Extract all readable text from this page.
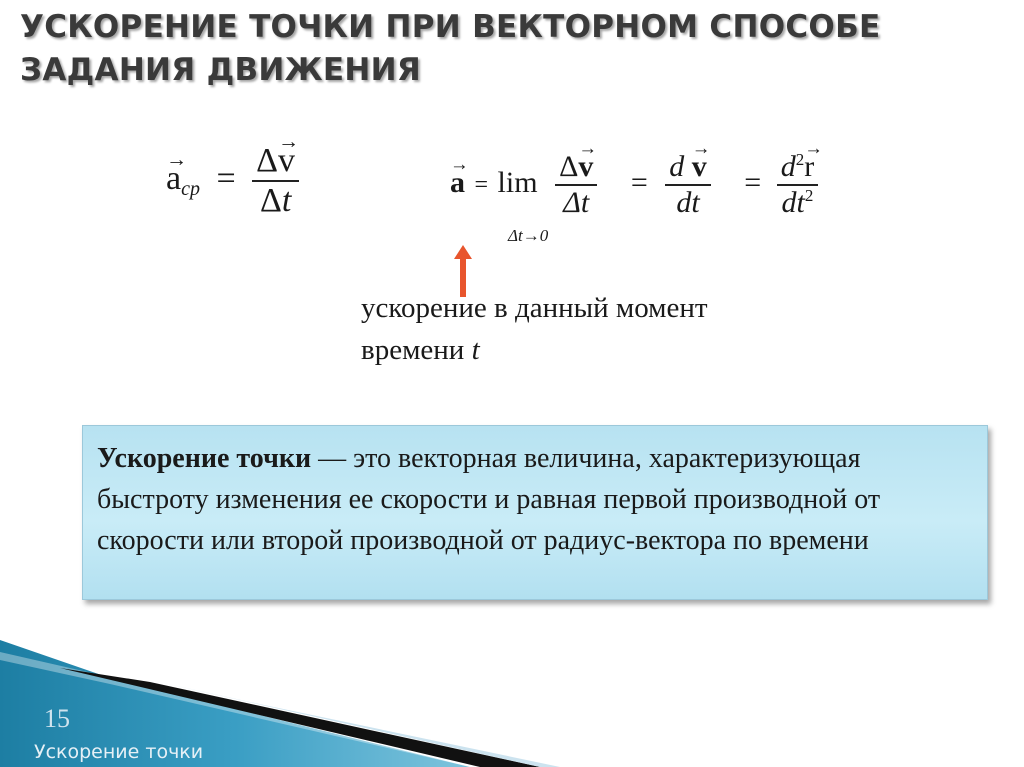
УСКОРЕНИЕ ТОЧКИ ПРИ ВЕКТОРНОМ СПОСОБЕ ЗАДАНИЯ ДВИЖЕНИЯ
→ $a_{ср} = \frac{\Delta\to v}{\Delta t}$	→ $a = \lim \frac{\Delta\to v}{\Delta t} = \frac{d \to v}{dt} = \frac{d^2\to r}{dt^2}$
Δt→0
ускорение в данный момент
времени t
Ускорение точки — это векторная величина, характеризующая быстроту изменения ее скорости и равная первой производной от скорости или второй производной от радиус-вектора по времени
15
Ускорение точки
